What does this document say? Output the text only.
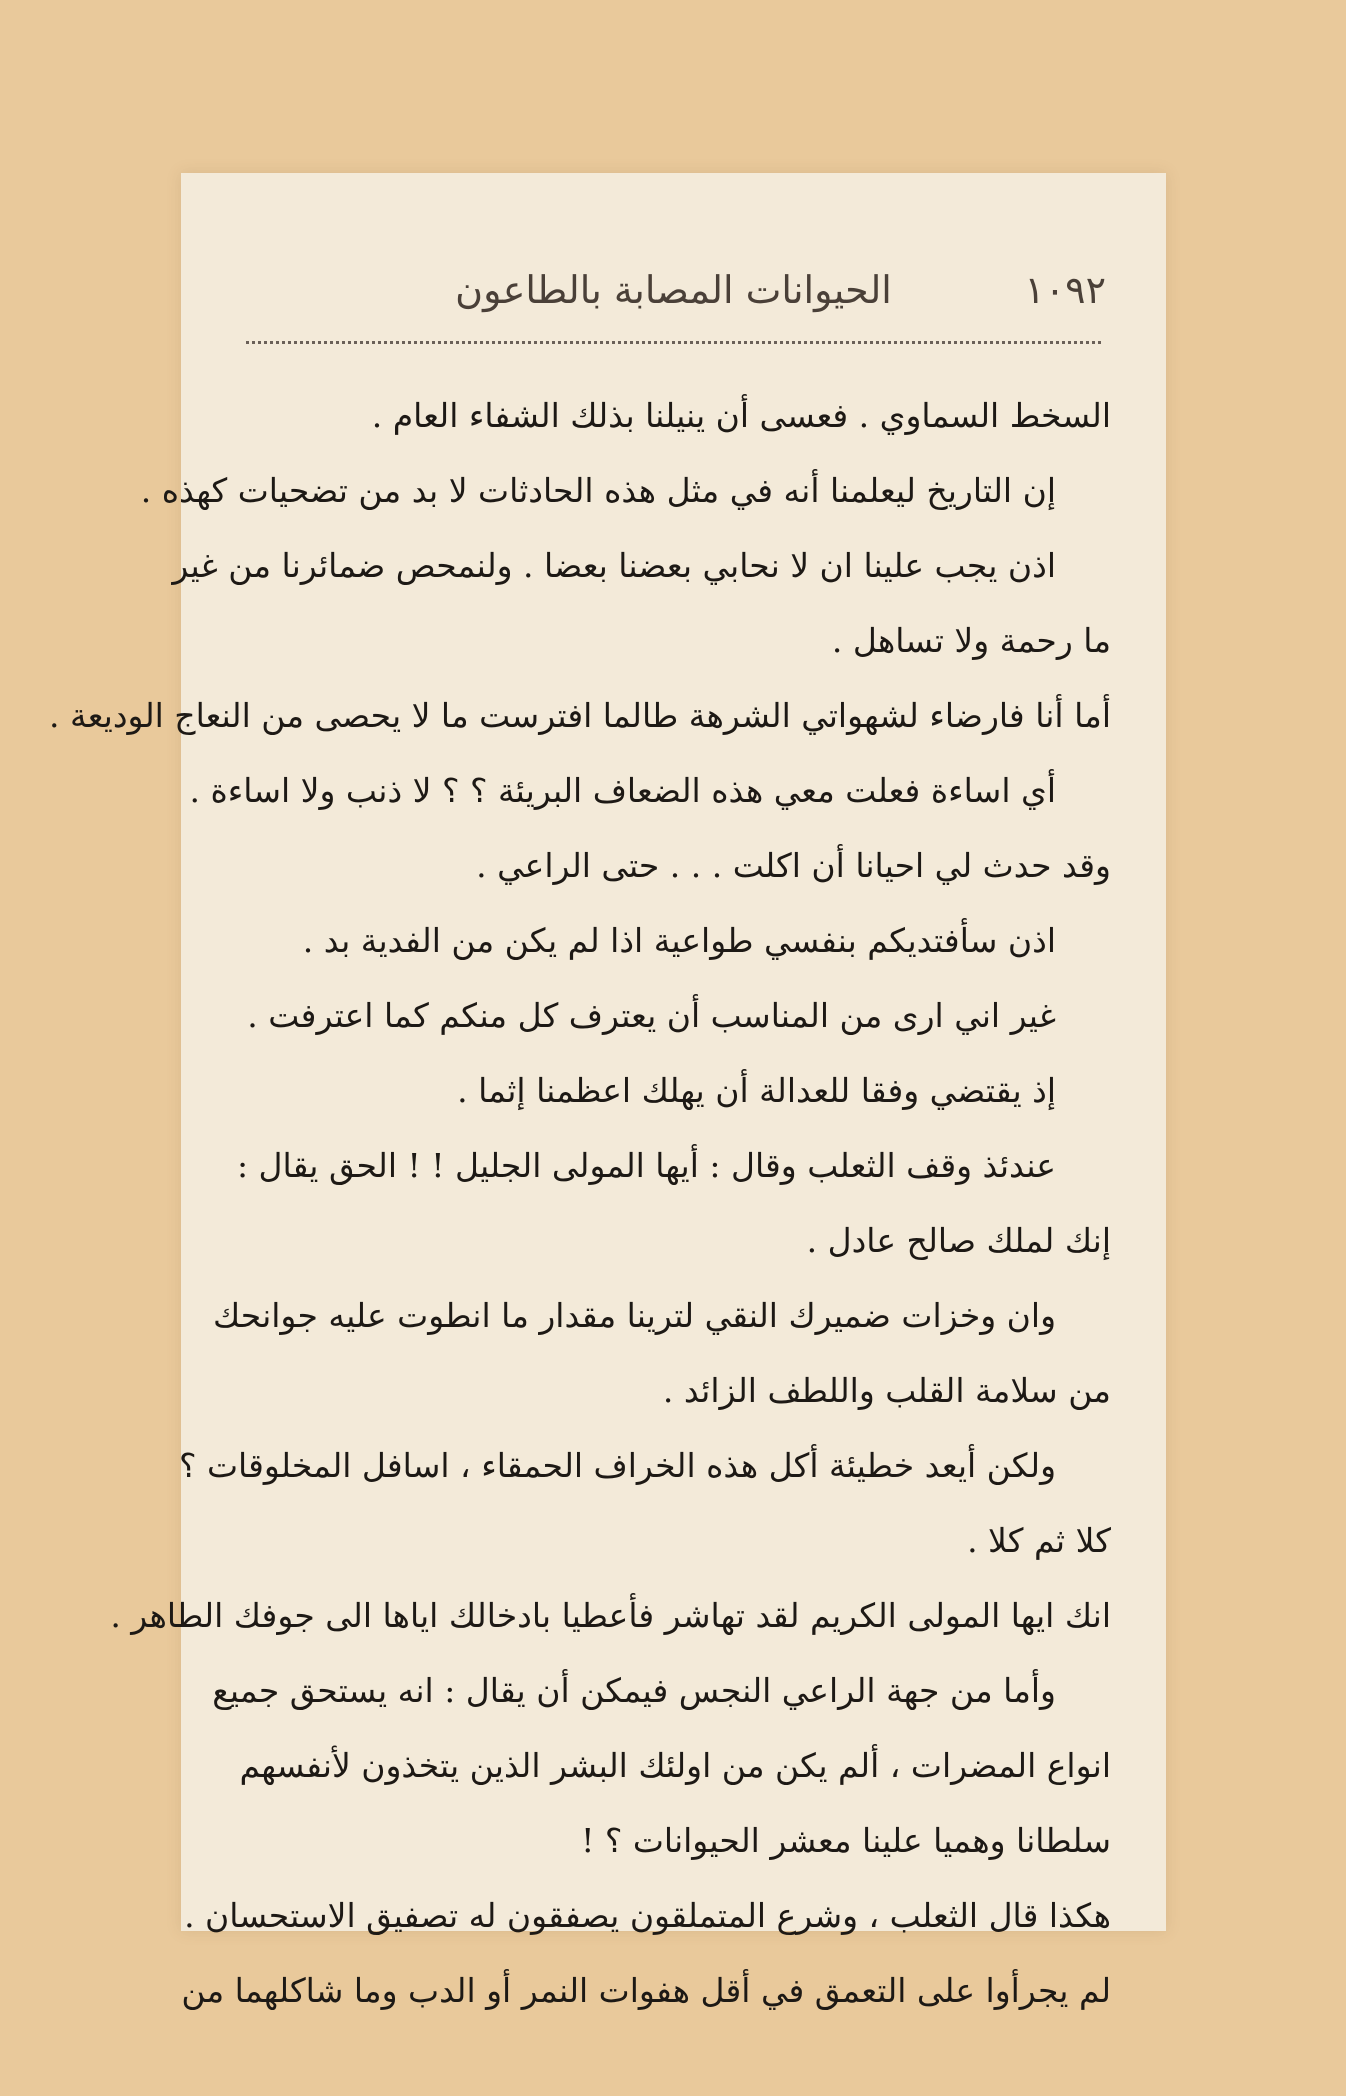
١٠٩٢
الحيوانات المصابة بالطاعون
السخط السماوي . فعسى أن ينيلنا بذلك الشفاء العام .
إن التاريخ ليعلمنا أنه في مثل هذه الحادثات لا بد من تضحيات كهذه .
اذن يجب علينا ان لا نحابي بعضنا بعضا . ولنمحص ضمائرنا من غير
ما رحمة ولا تساهل .
أما أنا فارضاء لشهواتي الشرهة طالما افترست ما لا يحصى من النعاج الوديعة .
أي اساءة فعلت معي هذه الضعاف البريئة ؟ ؟ لا ذنب ولا اساءة .
وقد حدث لي احيانا أن اكلت . . . حتى الراعي .
اذن سأفتديكم بنفسي طواعية اذا لم يكن من الفدية بد .
غير اني ارى من المناسب أن يعترف كل منكم كما اعترفت .
إذ يقتضي وفقا للعدالة أن يهلك اعظمنا إثما .
عندئذ وقف الثعلب وقال : أيها المولى الجليل ! ! الحق يقال :
إنك لملك صالح عادل .
وان وخزات ضميرك النقي لترينا مقدار ما انطوت عليه جوانحك
من سلامة القلب واللطف الزائد .
ولكن أيعد خطيئة أكل هذه الخراف الحمقاء ، اسافل المخلوقات ؟
كلا ثم كلا .
انك ايها المولى الكريم لقد تهاشر فأعطيا بادخالك اياها الى جوفك الطاهر .
وأما من جهة الراعي النجس فيمكن أن يقال : انه يستحق جميع
انواع المضرات ، ألم يكن من اولئك البشر الذين يتخذون لأنفسهم
سلطانا وهميا علينا معشر الحيوانات ؟ !
هكذا قال الثعلب ، وشرع المتملقون يصفقون له تصفيق الاستحسان .
لم يجرأوا على التعمق في أقل هفوات النمر أو الدب وما شاكلهما من
